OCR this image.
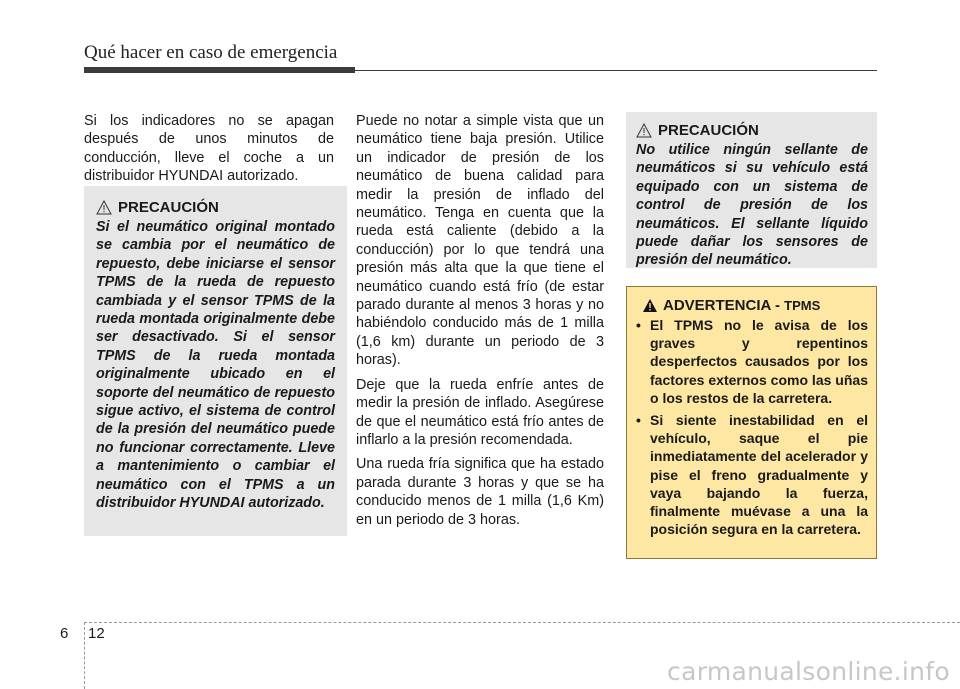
Qué hacer en caso de emergencia

Si los indicadores no se apagan después de unos minutos de conducción, lleve el coche a un distribuidor HYUNDAI autorizado.

PRECAUCIÓN
Si el neumático original montado se cambia por el neumático de repuesto, debe iniciarse el sensor TPMS de la rueda de repuesto cambiada y el sensor TPMS de la rueda montada originalmente debe ser desactivado. Si el sensor TPMS de la rueda montada originalmente ubicado en el soporte del neumático de repuesto sigue activo, el sistema de control de la presión del neumático puede no funcionar correctamente. Lleve a mantenimiento o cambiar el neumático con el TPMS a un distribuidor HYUNDAI autorizado.

Puede no notar a simple vista que un neumático tiene baja presión. Utilice un indicador de presión de los neumático de buena calidad para medir la presión de inflado del neumático. Tenga en cuenta que la rueda está caliente (debido a la conducción) por lo que tendrá una presión más alta que la que tiene el neumático cuando está frío (de estar parado durante al menos 3 horas y no habiéndolo conducido más de 1 milla (1,6 km) durante un periodo de 3 horas).

Deje que la rueda enfríe antes de medir la presión de inflado. Asegúrese de que el neumático está frío antes de inflarlo a la presión recomendada.

Una rueda fría significa que ha estado parada durante 3 horas y que se ha conducido menos de 1 milla (1,6 Km) en un periodo de 3 horas.

PRECAUCIÓN
No utilice ningún sellante de neumáticos si su vehículo está equipado con un sistema de control de presión de los neumáticos. El sellante líquido puede dañar los sensores de presión del neumático.
ADVERTENCIA - TPMS
• El TPMS no le avisa de los graves y repentinos desperfectos causados por los factores externos como las uñas o los restos de la carretera.
• Si siente inestabilidad en el vehículo, saque el pie inmediatamente del acelerador y pise el freno gradualmente y vaya bajando la fuerza, finalmente muévase a una la posición segura en la carretera.
6 12
carmanualsonline.info
